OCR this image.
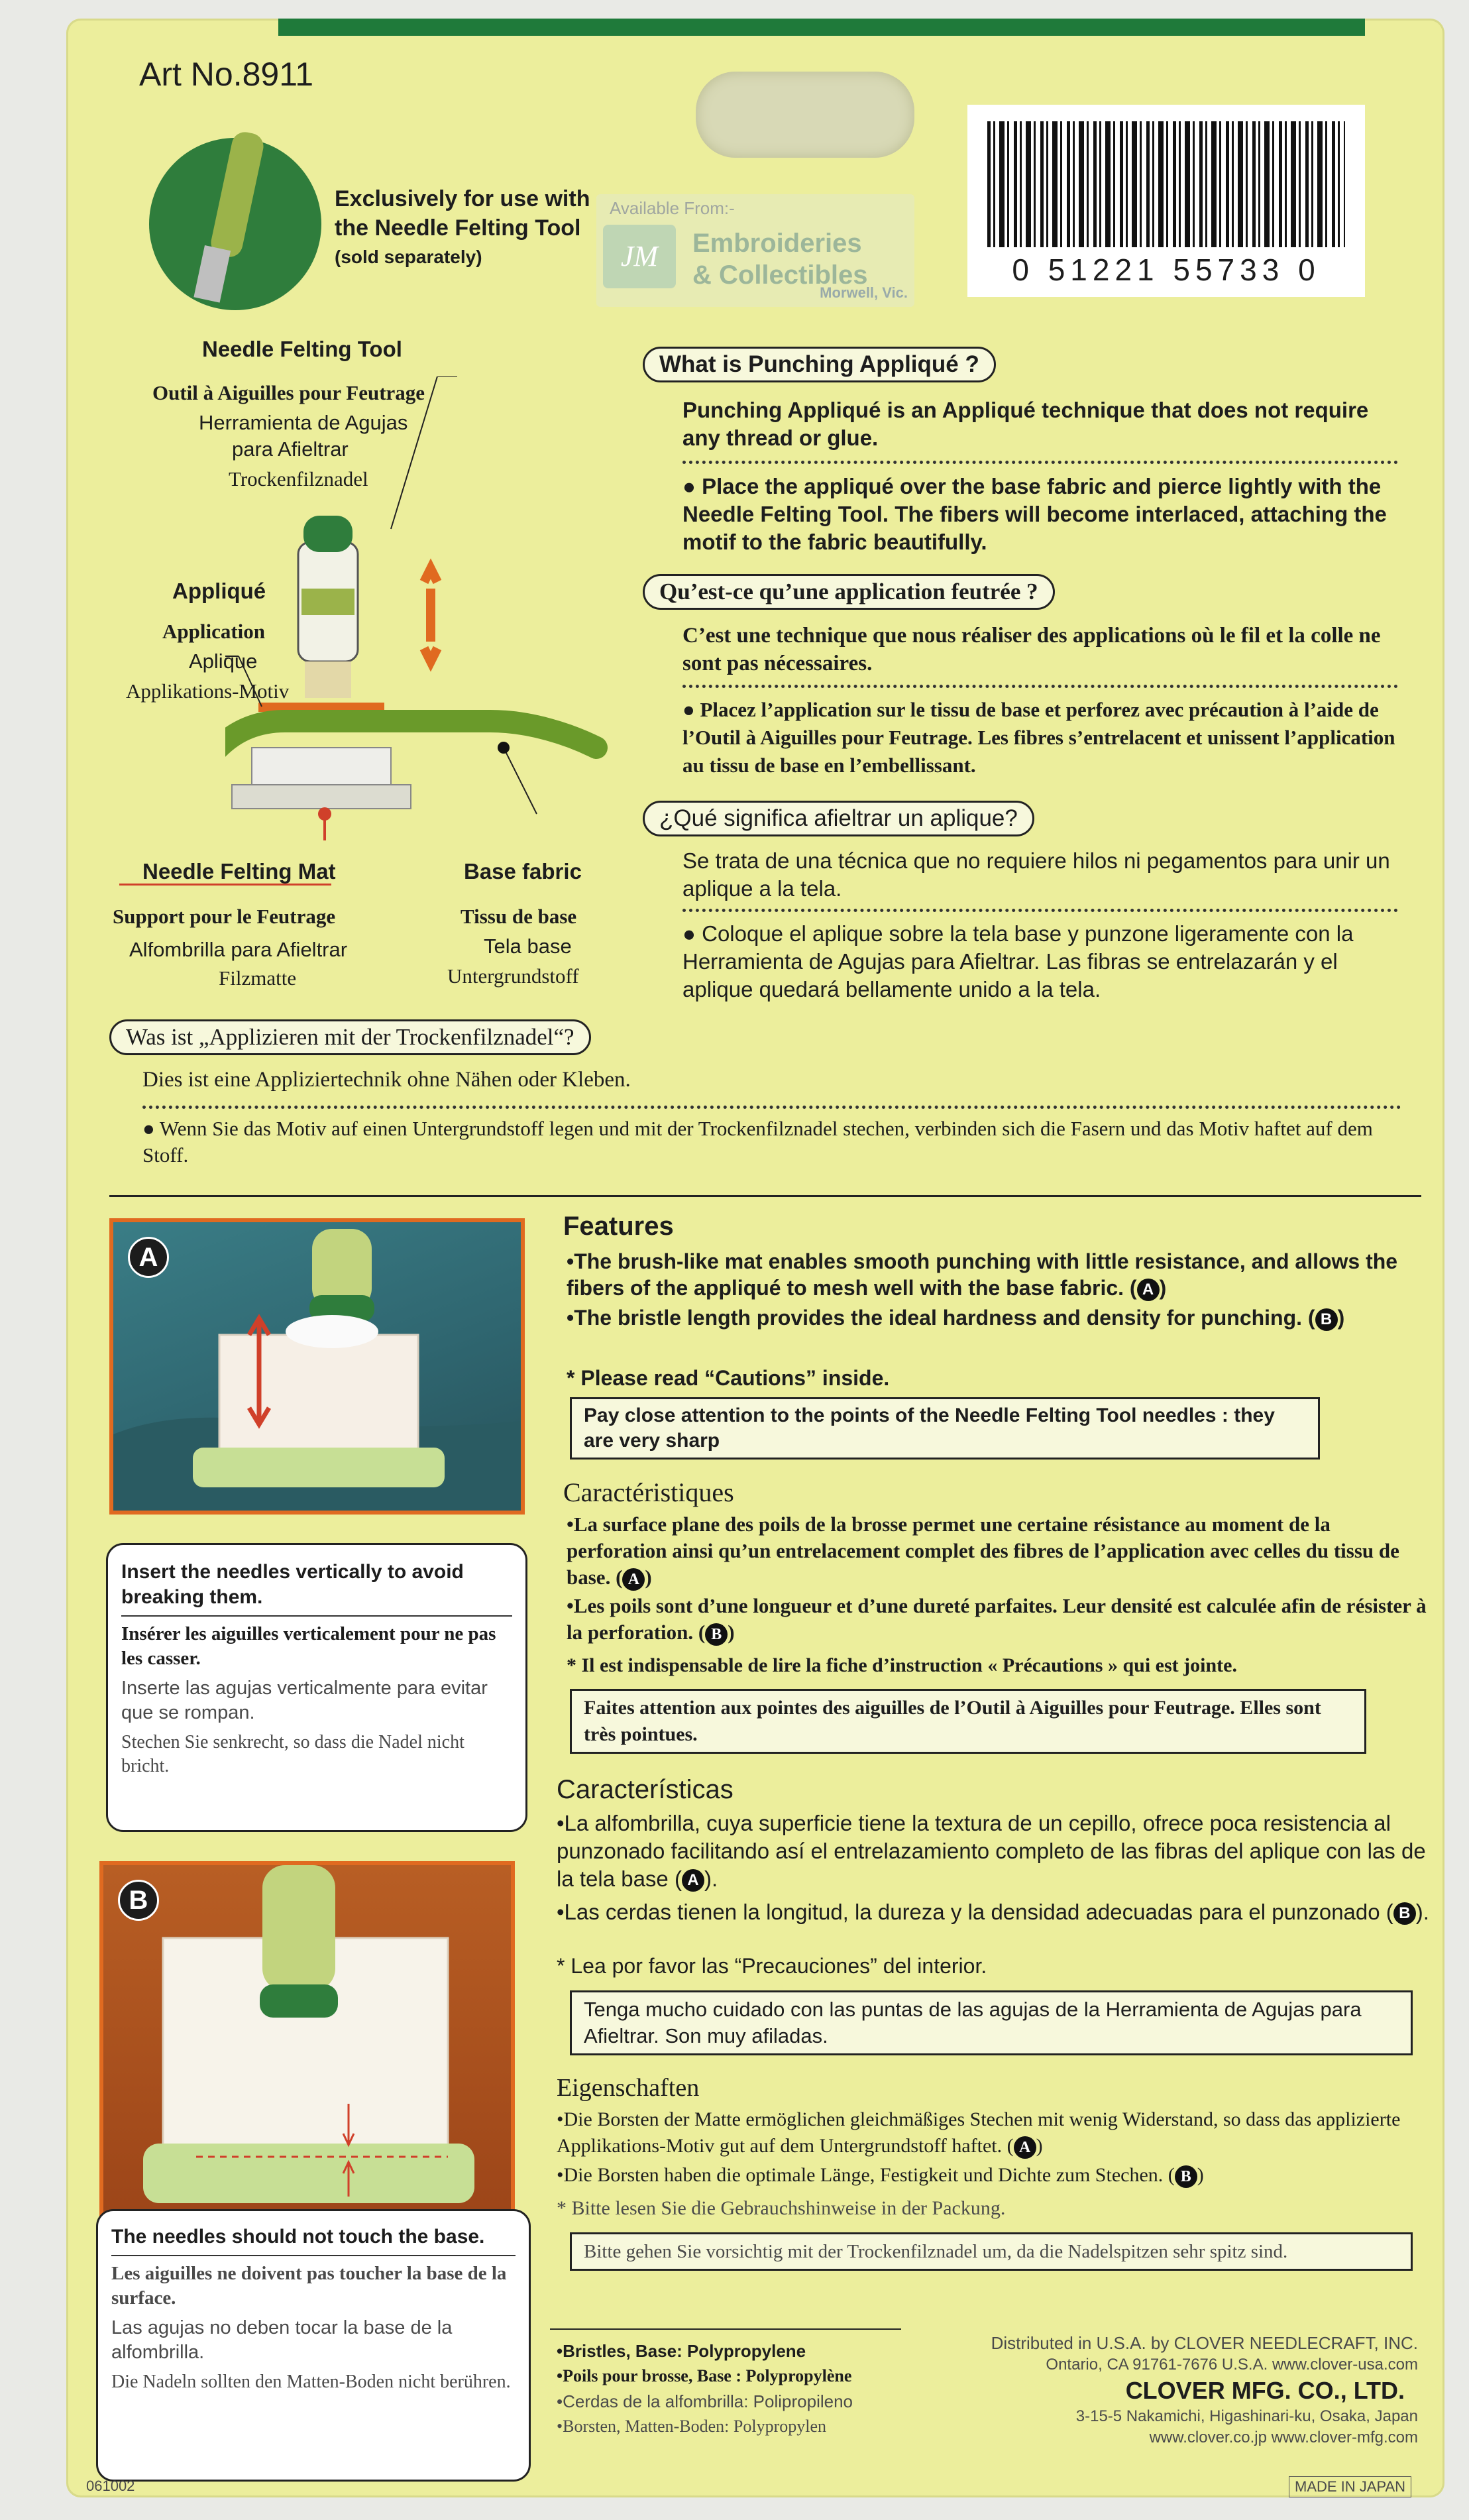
Art No.8911
Exclusively for use with
the Needle Felting Tool
(sold separately)
Available From:-
JM	Embroideries
& Collectibles
Morwell, Vic.
0 51221 55733 0
Needle Felting Tool
Outil à Aiguilles pour Feutrage
Herramienta de Agujas
para Afieltrar
Trockenfilznadel
Appliqué
Application
Aplique
Applikations-Motiv
Needle Felting Mat
Support pour le Feutrage
Alfombrilla para Afieltrar
Filzmatte
Base fabric
Tissu de base
Tela base
Untergrundstoff
What is Punching Appliqué ?
Punching Appliqué is an Appliqué technique that does not require any thread or glue.
● Place the appliqué over the base fabric and pierce lightly with the Needle Felting Tool. The fibers will become interlaced, attaching the motif to the fabric beautifully.
Qu’est-ce qu’une application feutrée ?
C’est une technique que nous réaliser des applications où le fil et la colle ne sont pas nécessaires.
● Placez l’application sur le tissu de base et perforez avec précaution à l’aide de l’Outil à Aiguilles pour Feutrage. Les fibres s’entrelacent et unissent l’application au tissu de base en l’embellissant.
¿Qué significa afieltrar un aplique?
Se trata de una técnica que no requiere hilos ni pegamentos para unir un aplique a la tela.
● Coloque el aplique sobre la tela base y punzone ligeramente con la Herramienta de Agujas para Afieltrar. Las fibras se entrelazarán y el aplique quedará bellamente unido a la tela.
Was ist „Applizieren mit der Trockenfilznadel“?
Dies ist eine Appliziertechnik ohne Nähen oder Kleben.
● Wenn Sie das Motiv auf einen Untergrundstoff legen und mit der Trockenfilznadel stechen, verbinden sich die Fasern und das Motiv haftet auf dem Stoff.
A
Insert the needles vertically to avoid breaking them.
Insérer les aiguilles verticalement pour ne pas les casser.
Inserte las agujas verticalmente para evitar que se rompan.
Stechen Sie senkrecht, so dass die Nadel nicht bricht.
B
The needles should not touch the base.
Les aiguilles ne doivent pas toucher la base de la surface.
Las agujas no deben tocar la base de la alfombrilla.
Die Nadeln sollten den Matten-Boden nicht berühren.
Features
•The brush-like mat enables smooth punching with little resistance, and allows the fibers of the appliqué to mesh well with the base fabric. ( A )
•The bristle length provides the ideal hardness and density for punching. ( B )
* Please read “Cautions” inside.
Pay close attention to the points of the Needle Felting Tool needles : they are very sharp
Caractéristiques
•La surface plane des poils de la brosse permet une certaine résistance au moment de la perforation ainsi qu’un entrelacement complet des fibres de l’application avec celles du tissu de base. ( A )
•Les poils sont d’une longueur et d’une dureté parfaites. Leur densité est calculée afin de résister à la perforation. ( B )
* Il est indispensable de lire la fiche d’instruction « Précautions » qui est jointe.
Faites attention aux pointes des aiguilles de l’Outil à Aiguilles pour Feutrage. Elles sont très pointues.
Características
•La alfombrilla, cuya superficie tiene la textura de un cepillo, ofrece poca resistencia al punzonado facilitando así el entrelazamiento completo de las fibras del aplique con las de la tela base ( A ).
•Las cerdas tienen la longitud, la dureza y la densidad adecuadas para el punzonado ( B ).
* Lea por favor las “Precauciones” del interior.
Tenga mucho cuidado con las puntas de las agujas de la Herramienta de Agujas para Afieltrar. Son muy afiladas.
Eigenschaften
•Die Borsten der Matte ermöglichen gleichmäßiges Stechen mit wenig Widerstand, so dass das applizierte Applikations-Motiv gut auf dem Untergrundstoff haftet. ( A )
•Die Borsten haben die optimale Länge, Festigkeit und Dichte zum Stechen. ( B )
* Bitte lesen Sie die Gebrauchshinweise in der Packung.
Bitte gehen Sie vorsichtig mit der Trockenfilznadel um, da die Nadelspitzen sehr spitz sind.
•Bristles, Base: Polypropylene
•Poils pour brosse, Base : Polypropylène
•Cerdas de la alfombrilla: Polipropileno
•Borsten, Matten-Boden: Polypropylen
Distributed in U.S.A. by CLOVER NEEDLECRAFT, INC.
Ontario, CA 91761-7676 U.S.A. www.clover-usa.com
CLOVER MFG. CO., LTD.
3-15-5 Nakamichi, Higashinari-ku, Osaka, Japan
www.clover.co.jp www.clover-mfg.com
061002	MADE IN JAPAN
